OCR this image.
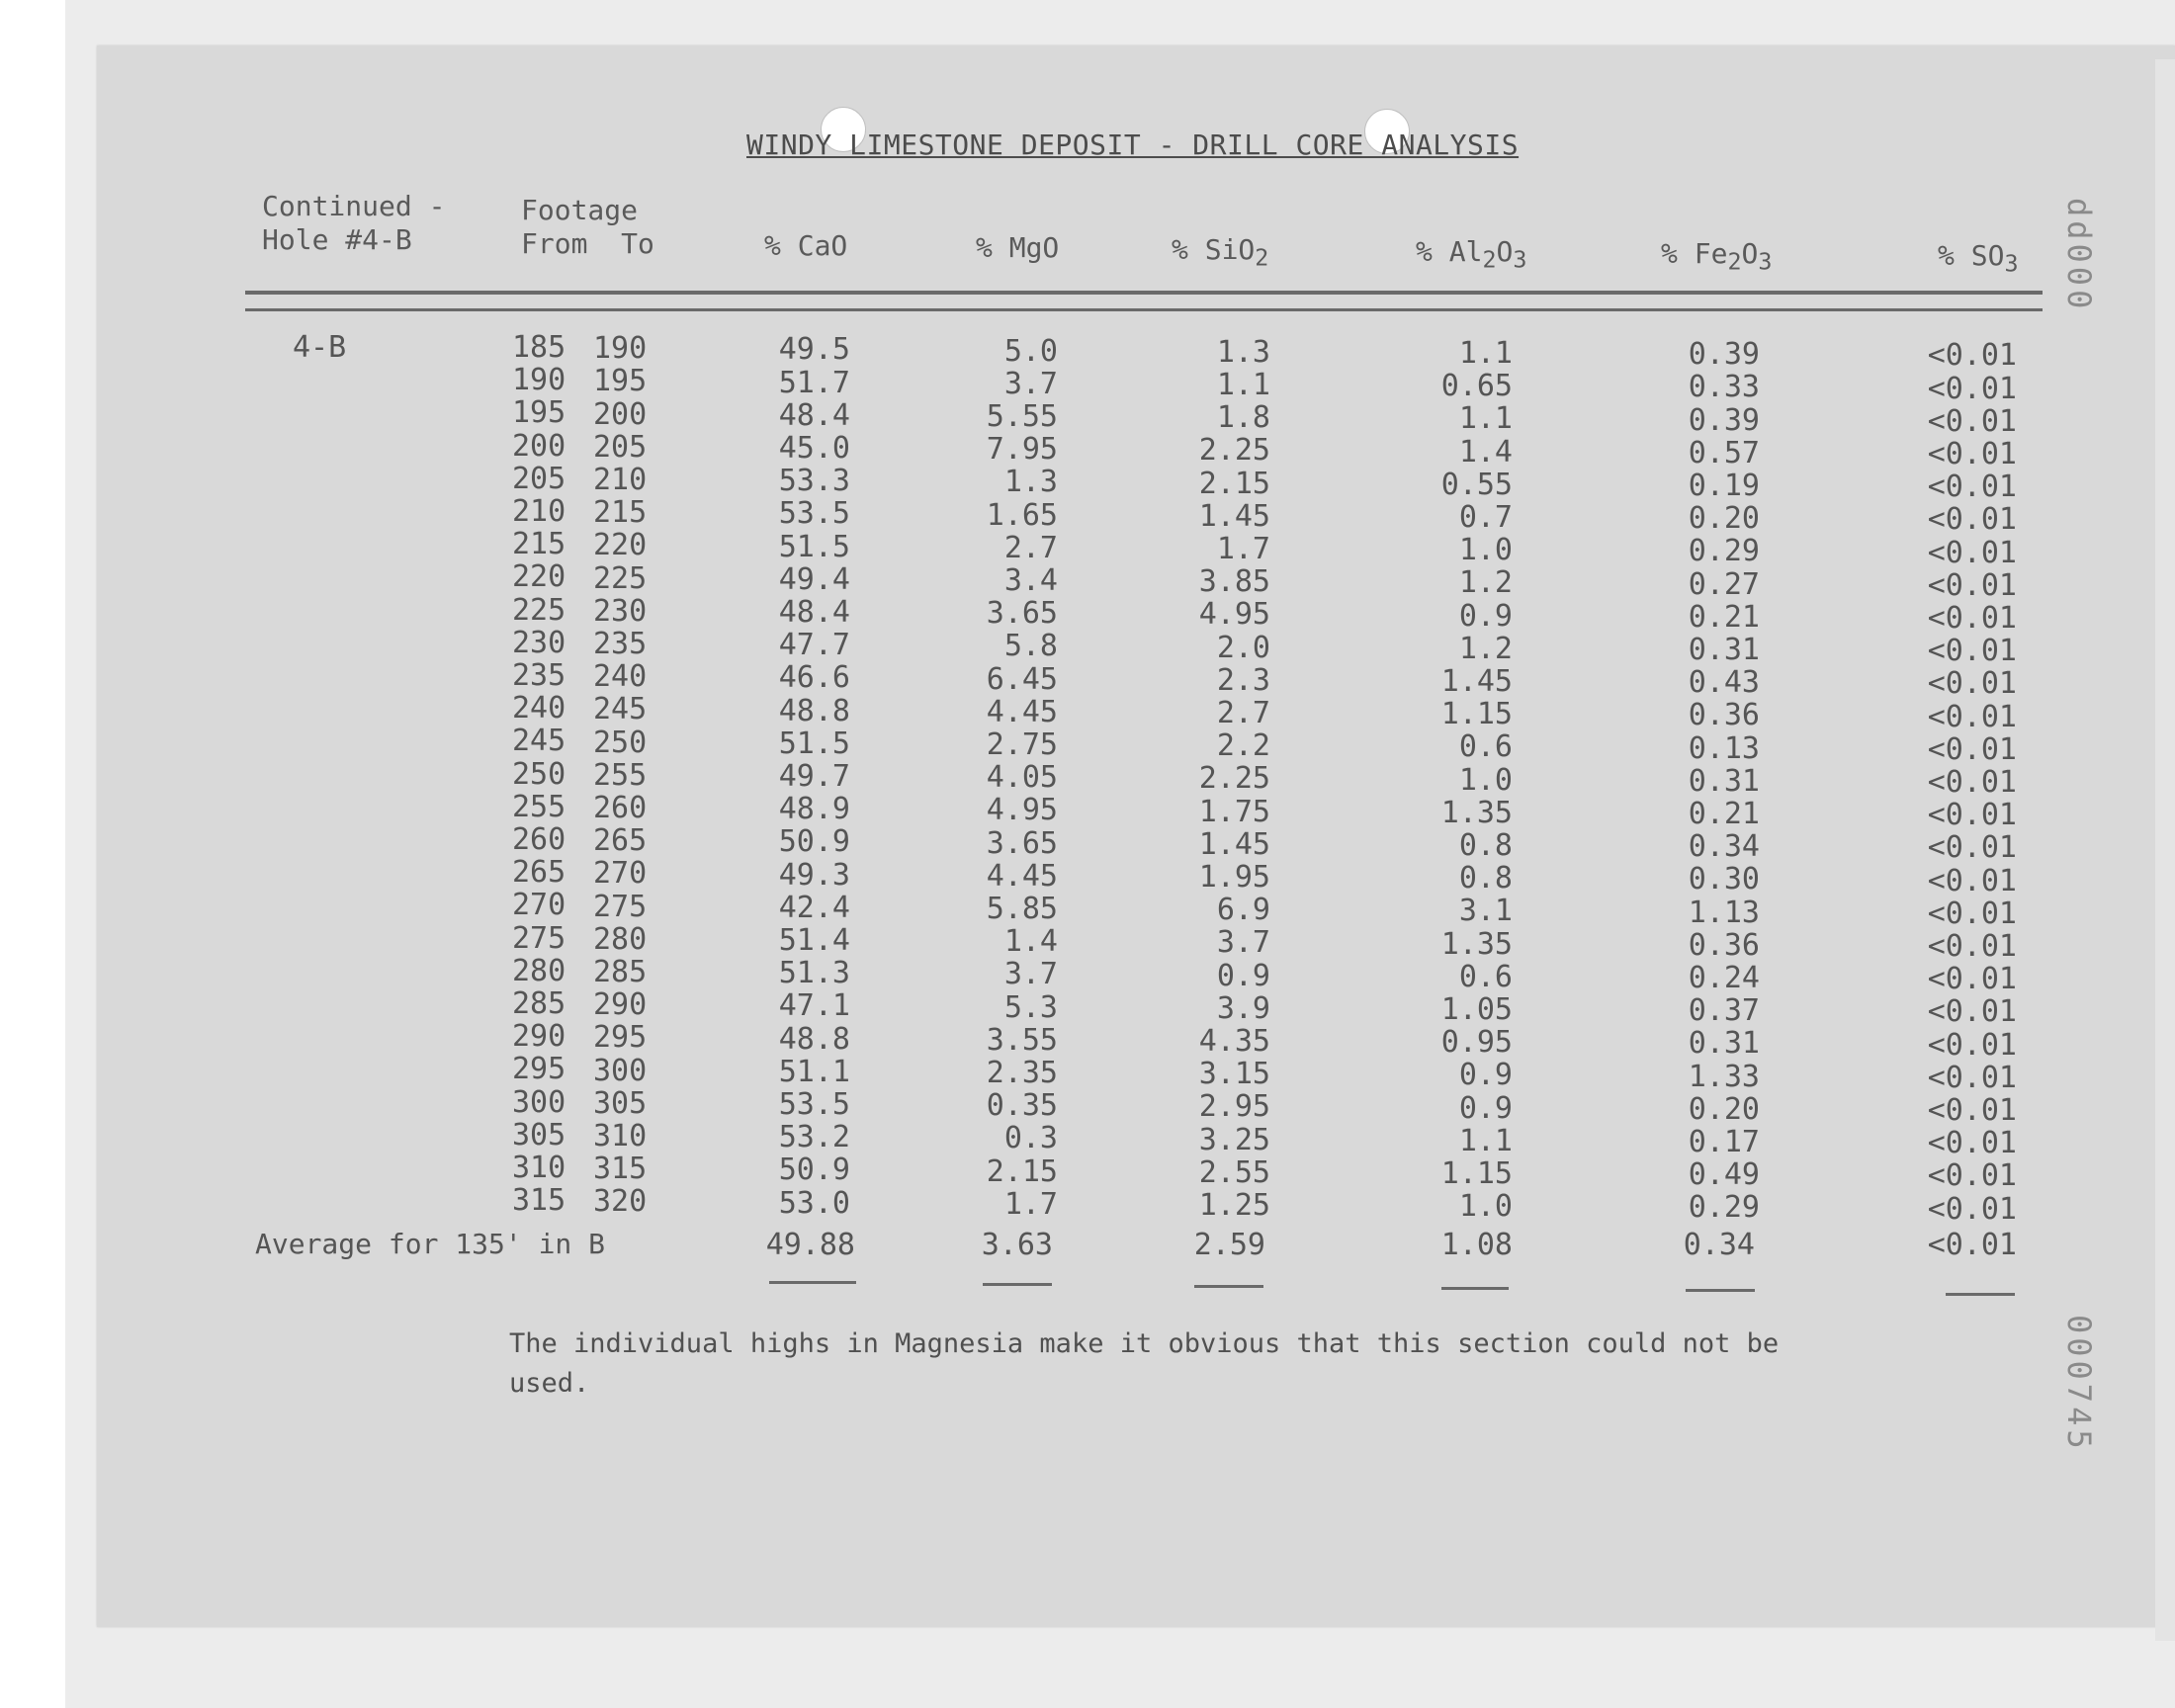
WINDY LIMESTONE DEPOSIT - DRILL CORE ANALYSIS
Continued -
Hole #4-B
Footage
From  To	% CaO	% MgO	% SiO$_2$	% $Al_2O_3$	% $Fe_2O_3$	% $SO_3$
4-B	185 190	49.5	5.0	1.3	1.1	0.39	<0.01
190 195	51.7	3.7	1.1	0.65	0.33	<0.01
195 200	48.4	5.55	1.8	1.1	0.39	<0.01
200 205	45.0	7.95	2.25	1.4	0.57	<0.01
205 210	53.3	1.3	2.15	0.55	0.19	<0.01
210 215	53.5	1.65	1.45	0.7	0.20	<0.01
215 220	51.5	2.7	1.7	1.0	0.29	<0.01
220 225	49.4	3.4	3.85	1.2	0.27	<0.01
225 230	48.4	3.65	4.95	0.9	0.21	<0.01
230 235	47.7	5.8	2.0	1.2	0.31	<0.01
235 240	46.6	6.45	2.3	1.45	0.43	<0.01
240 245	48.8	4.45	2.7	1.15	0.36	<0.01
245 250	51.5	2.75	2.2	0.6	0.13	<0.01
250 255	49.7	4.05	2.25	1.0	0.31	<0.01
255 260	48.9	4.95	1.75	1.35	0.21	<0.01
260 265	50.9	3.65	1.45	0.8	0.34	<0.01
265 270	49.3	4.45	1.95	0.8	0.30	<0.01
270 275	42.4	5.85	6.9	3.1	1.13	<0.01
275 280	51.4	1.4	3.7	1.35	0.36	<0.01
280 285	51.3	3.7	0.9	0.6	0.24	<0.01
285 290	47.1	5.3	3.9	1.05	0.37	<0.01
290 295	48.8	3.55	4.35	0.95	0.31	<0.01
295 300	51.1	2.35	3.15	0.9	1.33	<0.01
300 305	53.5	0.35	2.95	0.9	0.20	<0.01
305 310	53.2	0.3	3.25	1.1	0.17	<0.01
310 315	50.9	2.15	2.55	1.15	0.49	<0.01
315 320	53.0	1.7	1.25	1.0	0.29	<0.01
Average for 135' in B	49.88	3.63	2.59	1.08	0.34	<0.01
The individual highs in Magnesia make it obvious that this section could not be used.
dd000
000745
